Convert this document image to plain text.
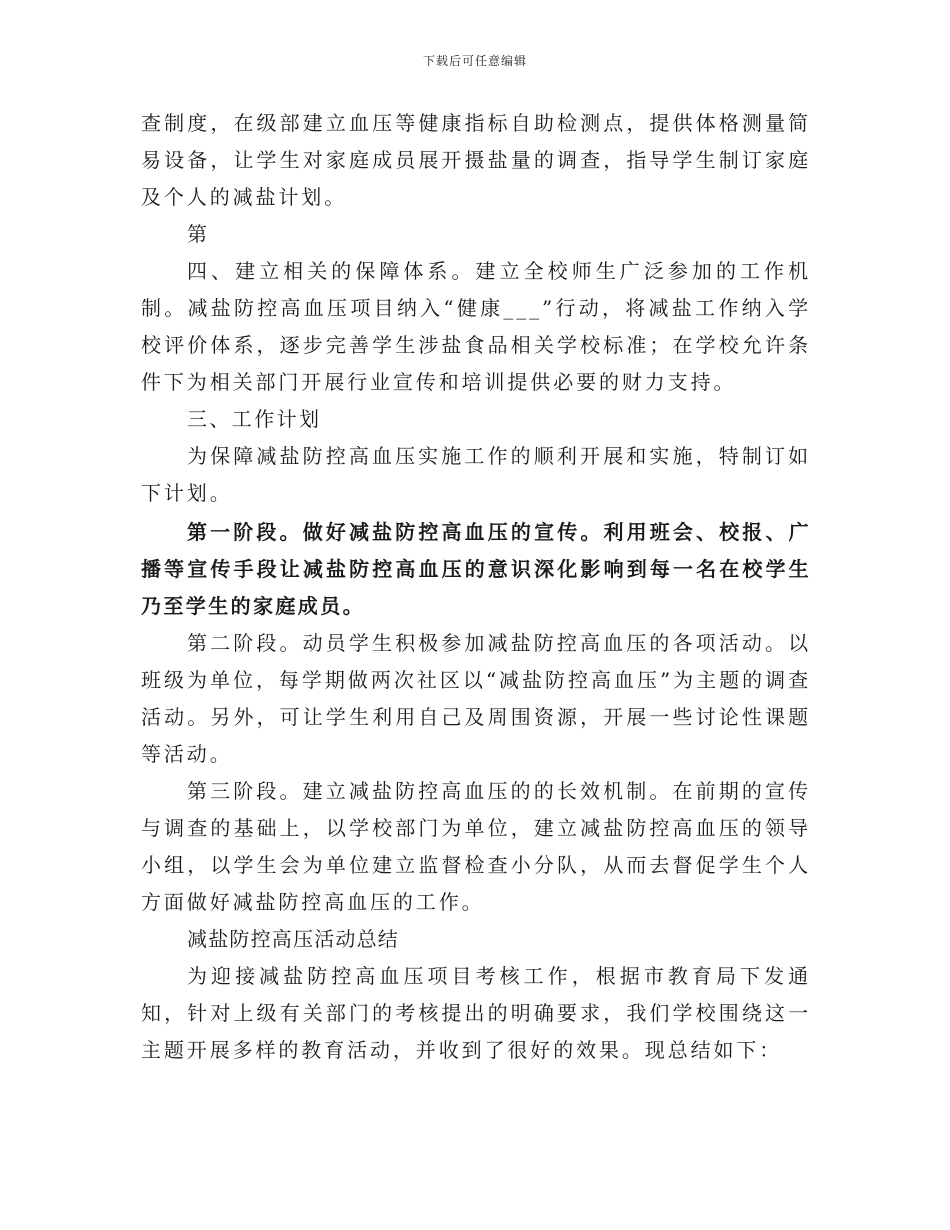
下载后可任意编辑

查制度，在级部建立血压等健康指标自助检测点，提供体格测量简易设备，让学生对家庭成员展开摄盐量的调查，指导学生制订家庭及个人的减盐计划。

第

四、建立相关的保障体系。建立全校师生广泛参加的工作机制。减盐防控高血压项目纳入“健康___”行动，将减盐工作纳入学校评价体系，逐步完善学生涉盐食品相关学校标准；在学校允许条件下为相关部门开展行业宣传和培训提供必要的财力支持。

三、工作计划

为保障减盐防控高血压实施工作的顺利开展和实施，特制订如下计划。

第一阶段。做好减盐防控高血压的宣传。利用班会、校报、广播等宣传手段让减盐防控高血压的意识深化影响到每一名在校学生乃至学生的家庭成员。

第二阶段。动员学生积极参加减盐防控高血压的各项活动。以班级为单位，每学期做两次社区以“减盐防控高血压”为主题的调查活动。另外，可让学生利用自己及周围资源，开展一些讨论性课题等活动。

第三阶段。建立减盐防控高血压的的长效机制。在前期的宣传与调查的基础上，以学校部门为单位，建立减盐防控高血压的领导小组，以学生会为单位建立监督检查小分队，从而去督促学生个人方面做好减盐防控高血压的工作。

减盐防控高压活动总结

为迎接减盐防控高血压项目考核工作，根据市教育局下发通知，针对上级有关部门的考核提出的明确要求，我们学校围绕这一主题开展多样的教育活动，并收到了很好的效果。现总结如下：
